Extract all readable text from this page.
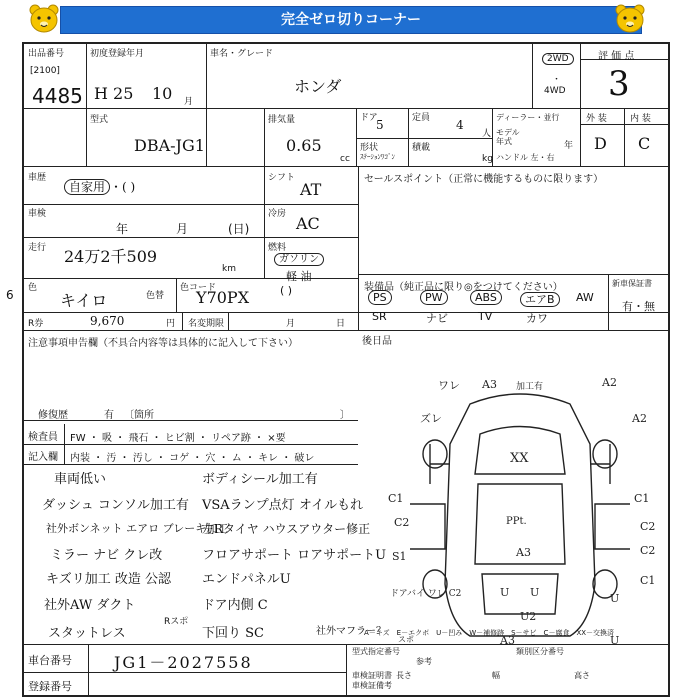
完全ゼロ切りコーナー
出品番号
[2100]
4485
初度登録年月
H 25 10 月
車名・グレード
ホンダ
2WD
・
4WD
評 価 点
3
型式
DBA-JG1
排気量
0.65
cc
ドア
5	定員 4
人
形状
ｽﾃｰｼｮﾝﾜｺﾞﾝ
積載
kg
ディーラー・並行
モデル年式	年
ハンドル 左・右
外 装	内 装
D C
車歴
自家用 ・( )
シフト
AT
車検
年	月	(日)
冷房 AC
走行 24万2千509
km
燃料
ガソリン
軽 油
( )
色
6	キイロ	色替
色コード
Y70PX
R券	9,670	円 名変期限	月	日
セールスポイント（正常に機能するものに限ります）
装備品（純正品に限り◎をつけてください）	新車保証書
有・無
PS	PW	ABS	エアB	AW
SR	ナビ	TV	カワ
後日品
注意事項申告欄（不具合内容等は具体的に記入して下さい）
修復歴	有 〔箇所	〕
検査員
記入欄
FW ・ 吸 ・ 飛石 ・ ヒビ割 ・ リペア跡 ・ ×要
内装 ・ 汚 ・ 汚し ・ コゲ ・ 穴 ・ ム ・ キレ ・ 破レ
車両低い
ダッシュ コンソル加工有
社外ボンネット エアロ ブレーキ加工
ミラー ナビ クレ改
キズリ加工 改造 公認
社外AW ダクト
スタットレス
Rスポ
ボディシール加工有
VSAランプ点灯 オイルもれ
左Rタイヤ ハウスアウター修正
フロアサポート ロアサポートU
エンドパネルU
ドア内側 C
下回り SC	社外マフラー？
ワレ A3 加工有	A2
ズレ	A2
XX
C1
C2
C1
S1
PPt.
A3
C2
C2
U U	U
C1
ドアバイ ワレ C2
U2
U
A3
スポ
A－キズ　E－エクボ　U－凹み　W－補修跡　S－サビ　C－腐食　XX－交換済
車台番号	JG1－2027558
登録番号
型式指定番号	類別区分番号
参考
車検証明書
車検証備考
長さ	幅	高さ
